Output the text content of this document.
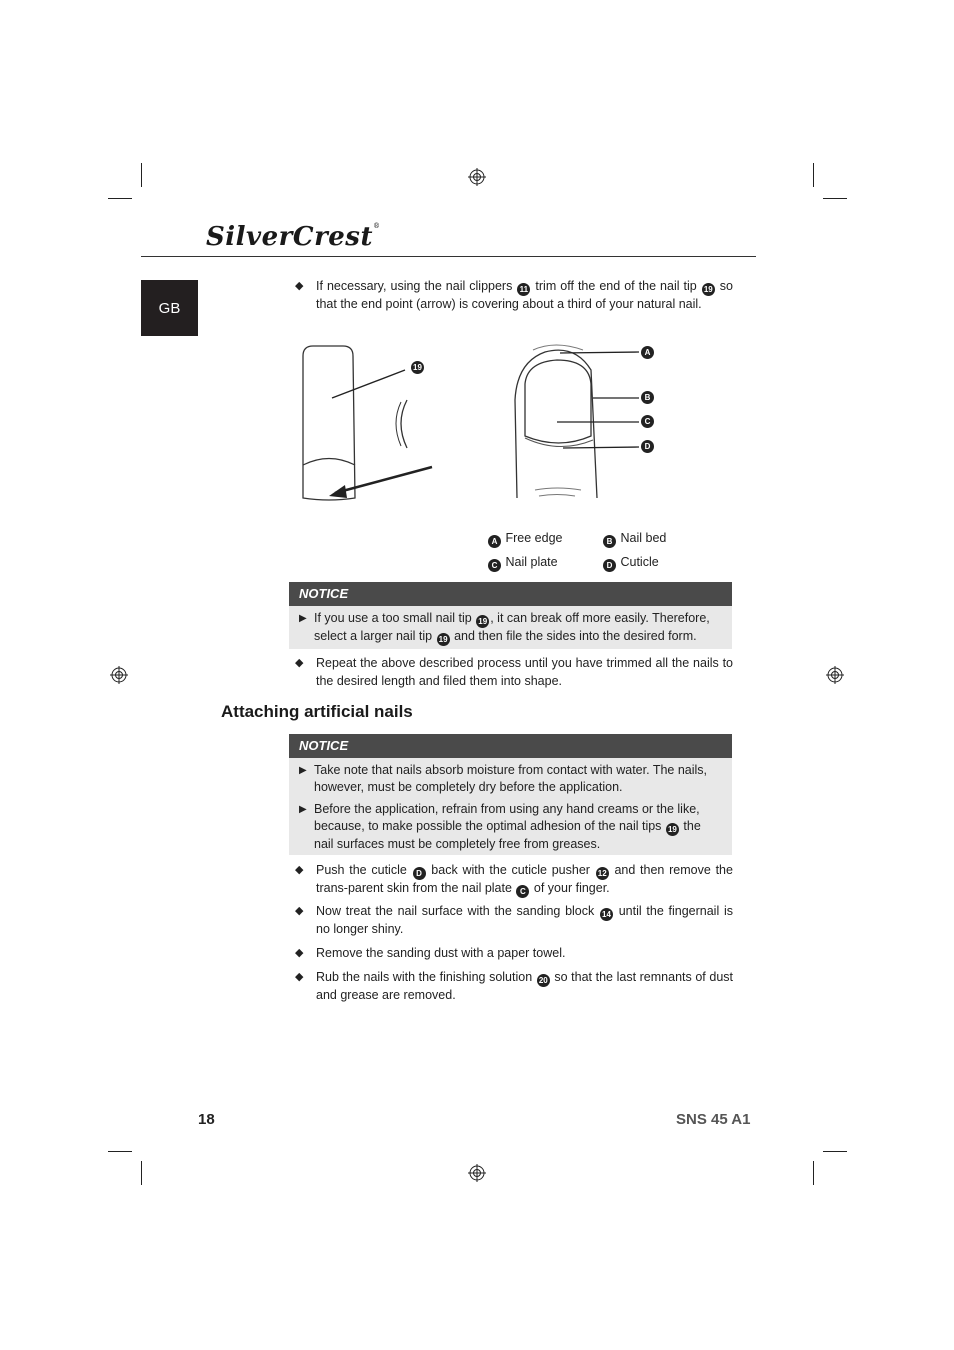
SilverCrest®
GB
◆ If necessary, using the nail clippers 11 trim off the end of the nail tip 19 so that the end point (arrow) is covering about a third of your natural nail.
19
A
B
C
D
A Free edge	B Nail bed
C Nail plate	D Cuticle
NOTICE
▶ If you use a too small nail tip 19 , it can break off more easily. Therefore, select a larger nail tip 19 and then file the sides into the desired form.
◆ Repeat the above described process until you have trimmed all the nails to the desired length and filed them into shape.
Attaching artificial nails
NOTICE
▶ Take note that nails absorb moisture from contact with water. The nails, however, must be completely dry before the application.
▶ Before the application, refrain from using any hand creams or the like, because, to make possible the optimal adhesion of the nail tips 19 the nail surfaces must be completely free from greases.
◆ Push the cuticle D back with the cuticle pusher 12 and then remove the trans-parent skin from the nail plate C of your finger.
◆ Now treat the nail surface with the sanding block 14 until the fingernail is no longer shiny.
◆ Remove the sanding dust with a paper towel.
◆ Rub the nails with the finishing solution 20 so that the last remnants of dust and grease are removed.
18	SNS 45 A1
